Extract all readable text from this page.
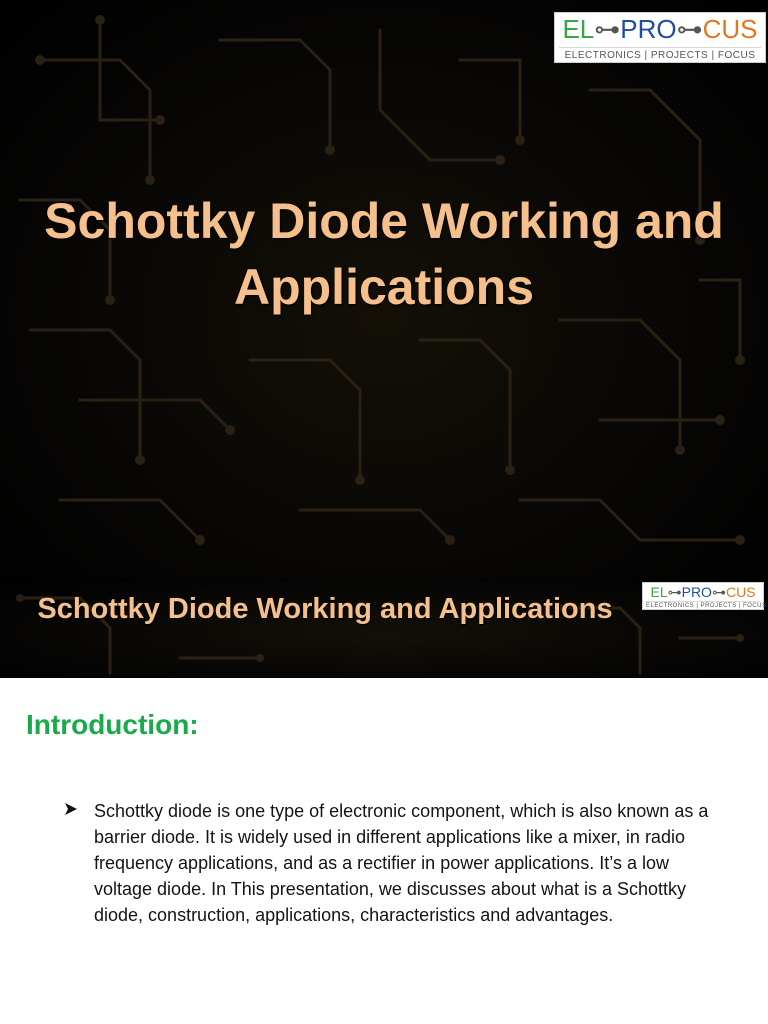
EL⊶PRO⊶CUS
ELECTRONICS | PROJECTS | FOCUS
Schottky Diode Working and Applications
EL⊶PRO⊶CUS
ELECTRONICS | PROJECTS | FOCUS
Schottky Diode Working and Applications
Introduction:

Schottky diode is one type of electronic component, which is also known as a barrier diode. It is widely used in different applications like a mixer, in radio frequency applications, and as a rectifier in power applications. It’s a low voltage diode. In This presentation, we discusses about what is a Schottky diode, construction, applications, characteristics and advantages.
